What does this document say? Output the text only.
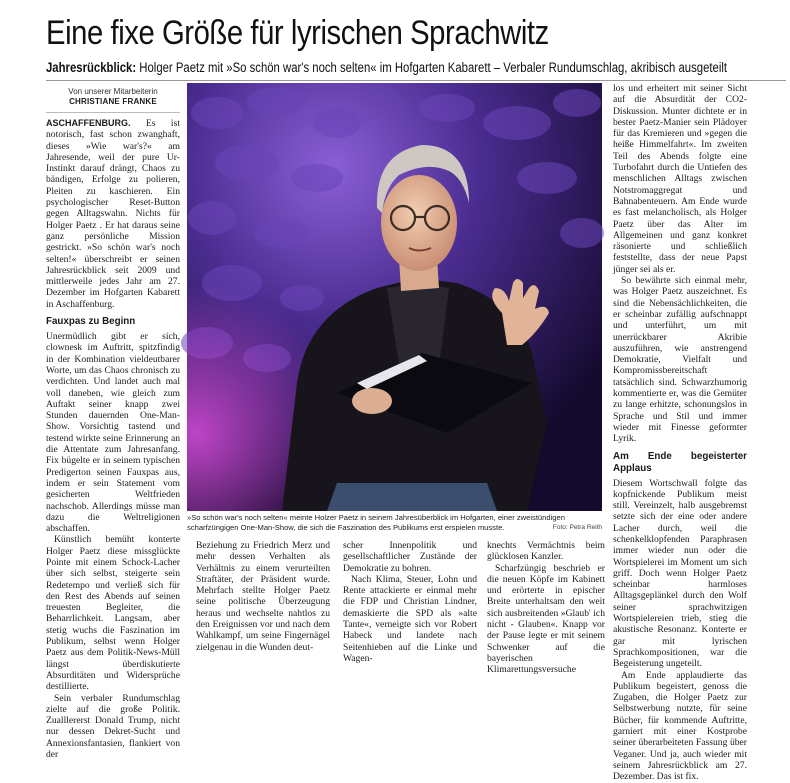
Eine fixe Größe für lyrischen Sprachwitz
Jahresrückblick: Holger Paetz mit »So schön war's noch selten« im Hofgarten Kabarett – Verbaler Rundumschlag, akribisch ausgeteilt
Von unserer Mitarbeiterin
CHRISTIANE FRANKE

ASCHAFFENBURG. Es ist notorisch, fast schon zwanghaft, dieses »Wie war's?« am Jahresende, weil der pure Ur-Instinkt darauf drängt, Chaos zu bändigen, Erfolge zu polieren, Pleiten zu kaschieren. Ein psychologischer Reset-Button gegen Alltagswahn. Nichts für Holger Paetz . Er hat daraus seine ganz persönliche Mission gestrickt. »So schön war's noch selten!« überschreibt er seinen Jahresrückblick seit 2009 und mittlerweile jedes Jahr am 27. Dezember im Hofgarten Kabarett in Aschaffenburg.

Fauxpas zu Beginn

Unermüdlich gibt er sich, clownesk im Auftritt, spitzfindig in der Kombination vieldeutbarer Worte, um das Chaos chronisch zu verdichten. Und landet auch mal voll daneben, wie gleich zum Auftakt seiner knapp zwei Stunden dauernden One-Man-Show. Vorsichtig tastend und testend wirkte seine Erinnerung an die Attentate zum Jahresanfang. Fix bügelte er in seinem typischen Predigerton seinen Fauxpas aus, indem er sein Statement vom gesicherten Weltfrieden nachschob. Allerdings müsse man dazu die Weltreligionen abschaffen.

Künstlich bemüht konterte Holger Paetz diese missglückte Pointe mit einem Schock-Lacher über sich selbst, steigerte sein Redetempo und verließ sich für den Rest des Abends auf seinen treuesten Begleiter, die Beharrlichkeit. Langsam, aber stetig wuchs die Faszination im Publikum, selbst wenn Holger Paetz aus dem Politik-News-Müll längst überdiskutierte Absurditäten und Widersprüche destillierte.

Sein verbaler Rundumschlag zielte auf die große Politik. Zualllererst Donald Trump, nicht nur dessen Dekret-Sucht und Annexionsfantasien, flankiert von der

»So schön war's noch selten« meinte Holzer Paetz in seinem Jahresüberblick im Hofgarten, einer zweistündigen scharfzüngigen One-Man-Show, die sich die Faszination des Publikums erst erspielen musste.	Foto: Petra Reith

Beziehung zu Friedrich Merz und mehr dessen Verhalten als Verhältnis zu einem verurteilten Straftäter, der Präsident wurde. Mehrfach stellte Holger Paetz seine politische Überzeugung heraus und wechselte nahtlos zu den Ereignissen vor und nach dem Wahlkampf, um seine Fingernägel zielgenau in die Wunden deut-

scher Innenpolitik und gesellschaftlicher Zustände der Demokratie zu bohren.

Nach Klima, Steuer, Lohn und Rente attackierte er einmal mehr die FDP und Christian Lindner, demaskierte die SPD als »alte Tante«, verneigte sich vor Robert Habeck und landete nach Seitenhieben auf die Linke und Wagen-

knechts Vermächtnis beim glücklosen Kanzler.

Scharfzüngig beschrieb er die neuen Köpfe im Kabinett und erörterte in epischer Breite unterhaltsam den weit sich ausbreitenden »Glaub' ich nicht - Glauben«. Knapp vor der Pause legte er mit seinem Schwenker auf die bayerischen Klimarettungsversuche

los und erheitert mit seiner Sicht auf die Absurdität der CO2-Diskussion. Munter dichtete er in bester Paetz-Manier sein Plädoyer für das Kremieren und »gegen die heiße Himmelfahrt«. Im zweiten Teil des Abends folgte eine Turbofahrt durch die Untiefen des menschlichen Alltags zwischen Notstromaggregat und Bahnabenteuern. Am Ende wurde es fast melancholisch, als Holger Paetz über das Alter im Allgemeinen und ganz konkret räsonierte und schließlich feststellte, dass der neue Papst jünger sei als er.

So bewährte sich einmal mehr, was Holger Paetz auszeichnet. Es sind die Nebensächlichkeiten, die er scheinbar zufällig aufschnappt und unterführt, um mit unerrückbarer Akribie auszuführen, wie anstrengend Demokratie, Vielfalt und Kompromissbereitschaft tatsächlich sind. Schwarzhumorig kommentierte er, was die Gemüter zu lange erhitzte, schonungslos in Sprache und Stil und immer wieder mit Finesse geformter Lyrik.

Am Ende begeisterter Applaus

Diesem Wortschwall folgte das kopfnickende Publikum meist still. Vereinzelt, halb ausgebremst setzte sich der eine oder andere Lacher durch, weil die schenkelklopfenden Paraphrasen immer wieder nun oder die Wortspielerei im Moment um sich griff. Doch wenn Holger Paetz scheinbar harmloses Alltagsgeplänkel durch den Wolf seiner sprachwitzigen Wortspielereien trieb, stieg die akustische Resonanz. Konterte er gar mit lyrischen Sprachkompositionen, war die Begeisterung ungeteilt.

Am Ende applaudierte das Publikum begeistert, genoss die Zugaben, die Holger Paetz zur Selbstwerbung nutzte, für seine Bücher, für kommende Auftritte, garniert mit einer Kostprobe seiner überarbeiteten Fassung über Veganer. Und ja, auch wieder mit seinem Jahresrückblick am 27. Dezember. Das ist fix.
